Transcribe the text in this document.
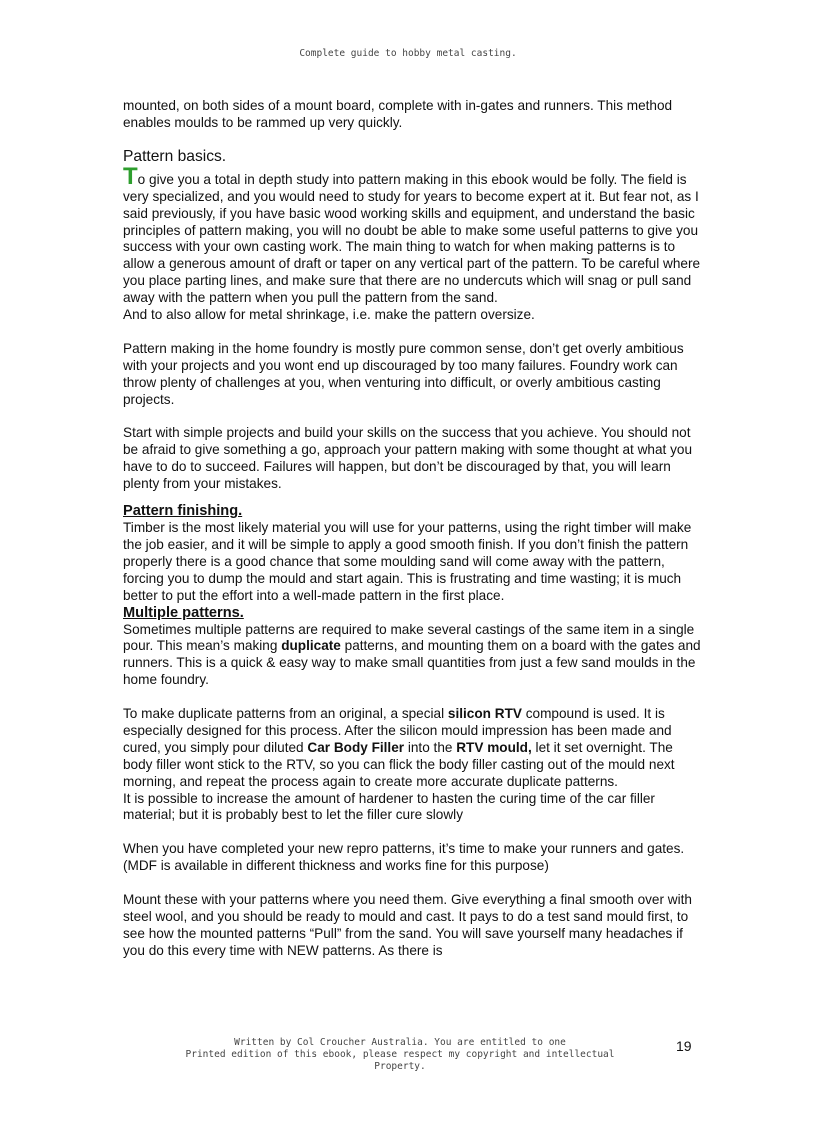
Complete guide to hobby metal casting.

mounted, on both sides of a mount board, complete with in-gates and runners. This method enables moulds to be rammed up very quickly.

Pattern basics.

To give you a total in depth study into pattern making in this ebook would be folly. The field is very specialized, and you would need to study for years to become expert at it. But fear not, as I said previously, if you have basic wood working skills and equipment, and understand the basic principles of pattern making, you will no doubt be able to make some useful patterns to give you success with your own casting work. The main thing to watch for when making patterns is to allow a generous amount of draft or taper on any vertical part of the pattern. To be careful where you place parting lines, and make sure that there are no undercuts which will snag or pull sand away with the pattern when you pull the pattern from the sand.

And to also allow for metal shrinkage, i.e. make the pattern oversize.

Pattern making in the home foundry is mostly pure common sense, don’t get overly ambitious with your projects and you wont end up discouraged by too many failures. Foundry work can throw plenty of challenges at you, when venturing into difficult, or overly ambitious casting projects.

Start with simple projects and build your skills on the success that you achieve. You should not be afraid to give something a go, approach your pattern making with some thought at what you have to do to succeed. Failures will happen, but don’t be discouraged by that, you will learn plenty from your mistakes.

Pattern finishing.

Timber is the most likely material you will use for your patterns, using the right timber will make the job easier, and it will be simple to apply a good smooth finish. If you don’t finish the pattern properly there is a good chance that some moulding sand will come away with the pattern, forcing you to dump the mould and start again. This is frustrating and time wasting; it is much better to put the effort into a well-made pattern in the first place.

Multiple patterns.

Sometimes multiple patterns are required to make several castings of the same item in a single pour. This mean’s making duplicate patterns, and mounting them on a board with the gates and runners. This is a quick & easy way to make small quantities from just a few sand moulds in the home foundry.

To make duplicate patterns from an original, a special silicon RTV compound is used. It is especially designed for this process. After the silicon mould impression has been made and cured, you simply pour diluted Car Body Filler into the RTV mould, let it set overnight. The body filler wont stick to the RTV, so you can flick the body filler casting out of the mould next morning, and repeat the process again to create more accurate duplicate patterns.

It is possible to increase the amount of hardener to hasten the curing time of the car filler material; but it is probably best to let the filler cure slowly

When you have completed your new repro patterns, it’s time to make your runners and gates. (MDF is available in different thickness and works fine for this purpose)

Mount these with your patterns where you need them. Give everything a final smooth over with steel wool, and you should be ready to mould and cast. It pays to do a test sand mould first, to see how the mounted patterns “Pull” from the sand. You will save yourself many headaches if you do this every time with NEW patterns. As there is

Written by Col Croucher Australia. You are entitled to one
Printed edition of this ebook, please respect my copyright and intellectual
Property.
19
